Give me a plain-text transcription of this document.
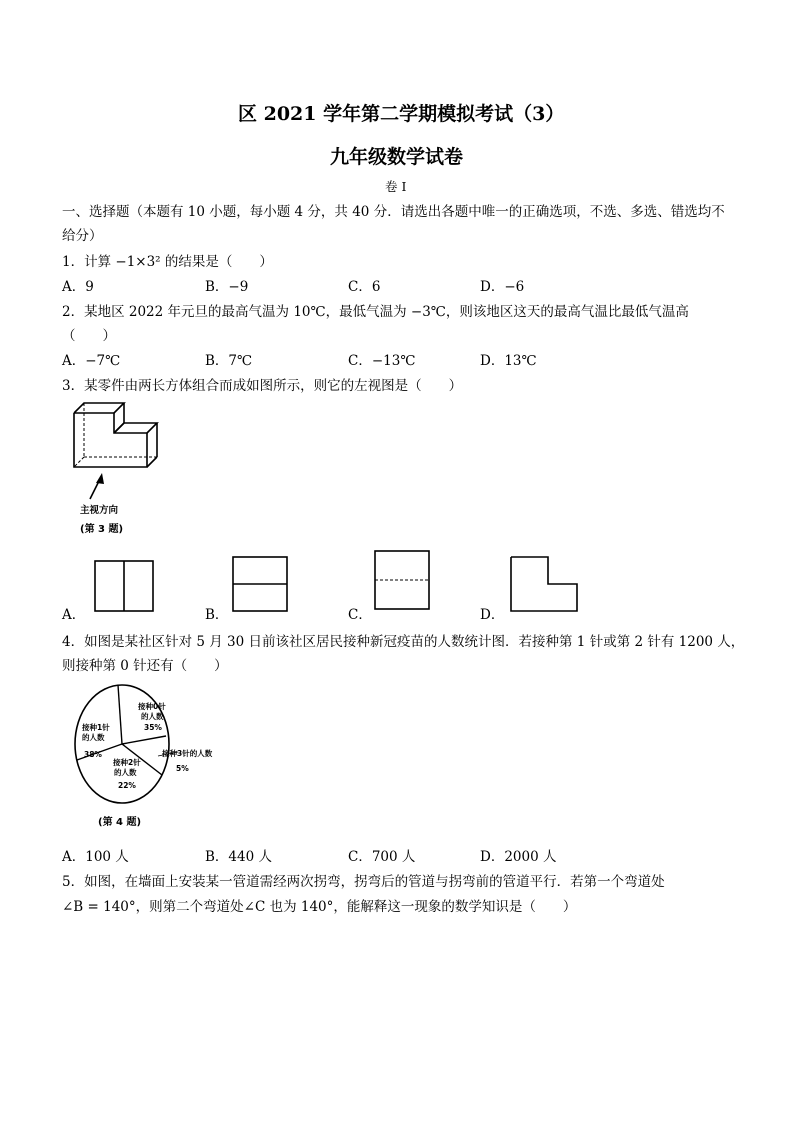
区 2021 学年第二学期模拟考试（3）
九年级数学试卷
卷 I
一、选择题（本题有 10 小题，每小题 4 分，共 40 分．请选出各题中唯一的正确选项，不选、多选、错选均不
给分）
1．计算 −1×3² 的结果是（　　）
A．9	B．−9	C．6	D．−6
2．某地区 2022 年元旦的最高气温为 10℃，最低气温为 −3℃，则该地区这天的最高气温比最低气温高
（　　）
A．−7℃	B．7℃	C．−13℃	D．13℃
3．某零件由两长方体组合而成如图所示，则它的左视图是（　　）
主视方向
(第 3 题)
A．	B．	C．	D．
4．如图是某社区针对 5 月 30 日前该社区居民接种新冠疫苗的人数统计图．若接种第 1 针或第 2 针有 1200 人，
则接种第 0 针还有（　　）
接种0针
的人数
35%
接种1针
的人数
38%
接种2针
的人数
22%
接种3针的人数
5%
(第 4 题)
A．100 人	B．440 人	C．700 人	D．2000 人
5．如图，在墙面上安装某一管道需经两次拐弯，拐弯后的管道与拐弯前的管道平行．若第一个弯道处
∠B = 140°，则第二个弯道处∠C 也为 140°，能解释这一现象的数学知识是（　　）
